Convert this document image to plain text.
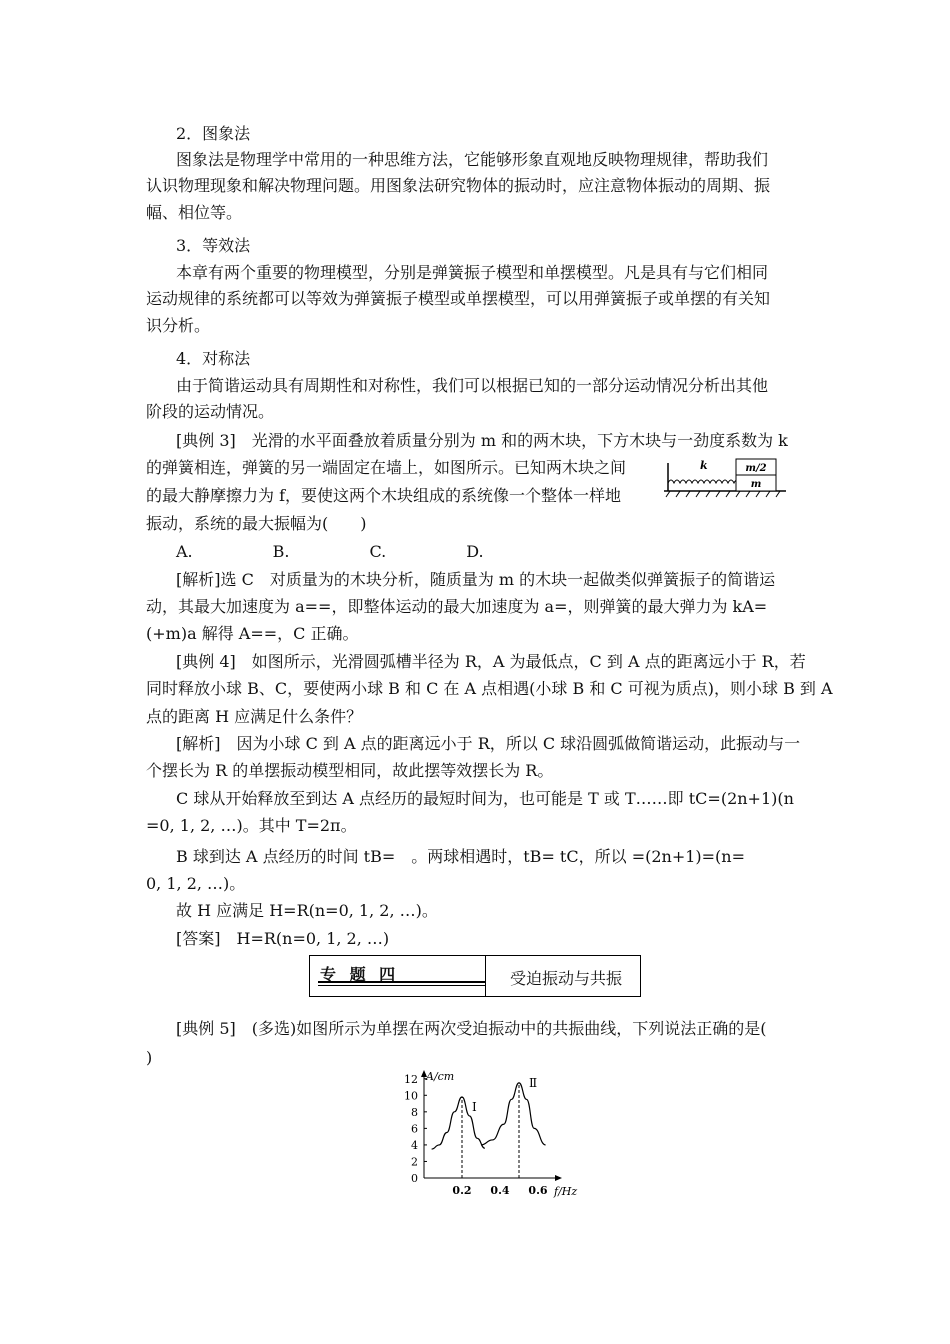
2．图象法
图象法是物理学中常用的一种思维方法，它能够形象直观地反映物理规律，帮助我们
认识物理现象和解决物理问题。用图象法研究物体的振动时，应注意物体振动的周期、振
幅、相位等。
3．等效法
本章有两个重要的物理模型，分别是弹簧振子模型和单摆模型。凡是具有与它们相同
运动规律的系统都可以等效为弹簧振子模型或单摆模型，可以用弹簧振子或单摆的有关知
识分析。
4．对称法
由于简谐运动具有周期性和对称性，我们可以根据已知的一部分运动情况分析出其他
阶段的运动情况。
[典例 3]　光滑的水平面叠放着质量分别为 m 和的两木块，下方木块与一劲度系数为 k
的弹簧相连，弹簧的另一端固定在墙上，如图所示。已知两木块之间
的最大静摩擦力为 f，要使这两个木块组成的系统像一个整体一样地
振动，系统的最大振幅为(　　)
A.　　　　　B.　　　　　C.　　　　　D.
[解析]选 C　对质量为的木块分析，随质量为 m 的木块一起做类似弹簧振子的简谐运
动，其最大加速度为 a==，即整体运动的最大加速度为 a=，则弹簧的最大弹力为 kA=
(+m)a 解得 A==，C 正确。
[典例 4]　如图所示，光滑圆弧槽半径为 R，A 为最低点，C 到 A 点的距离远小于 R，若
同时释放小球 B、C，要使两小球 B 和 C 在 A 点相遇(小球 B 和 C 可视为质点)，则小球 B 到 A
点的距离 H 应满足什么条件？
[解析]　因为小球 C 到 A 点的距离远小于 R，所以 C 球沿圆弧做简谐运动，此振动与一
个摆长为 R 的单摆振动模型相同，故此摆等效摆长为 R。
C 球从开始释放至到达 A 点经历的最短时间为，也可能是 T 或 T……即 tC=(2n+1)(n
=0, 1, 2, …)。其中 T=2π。
B 球到达 A 点经历的时间 tB=　。两球相遇时，tB= tC，所以 =(2n+1)=(n=
0, 1, 2, …)。
故 H 应满足 H=R(n=0, 1, 2, …)。
[答案]　H=R(n=0, 1, 2, …)
专 题 四	受迫振动与共振
[典例 5]　(多选)如图所示为单摆在两次受迫振动中的共振曲线，下列说法正确的是(
)
k	m/2
m
A/cm
f/Hz
0
2
4
6
8
10
12
0.2 0.4 0.6
Ⅰ
Ⅱ
